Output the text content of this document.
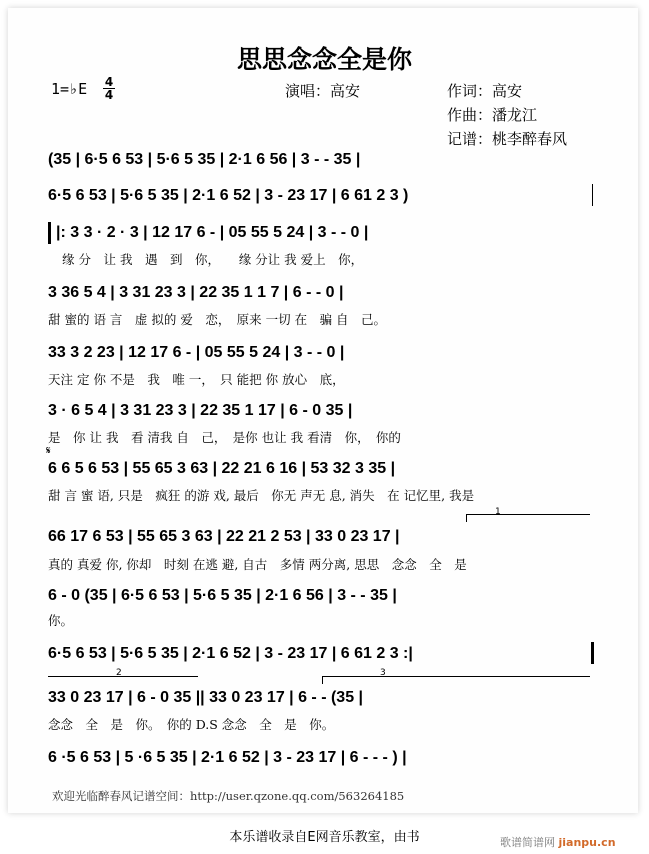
思思念念全是你
1=♭E 4
4	演唱：高安	作词：高安
作曲：潘龙江
记谱：桃李醉春风
(35 | 6·5 6 53 | 5·6 5 35 | 2·1 6 56 | 3 - - 35 |
6·5 6 53 | 5·6 5 35 | 2·1 6 52 | 3 - 23 17 | 6 61 2 3 )
|: 3 3 · 2 · 3 | 12 17 6 - | 05 55 5 24 | 3 - - 0 |
缘 分　让 我　遇　到　你，　　缘 分让 我 爱上　你，
3 36 5 4 | 3 31 23 3 | 22 35 1 1 7 | 6 - - 0 |
甜 蜜的 语 言　虚 拟的 爱　恋，　原来 一切 在　骗 自　己。
33 3 2 23 | 12 17 6 - | 05 55 5 24 | 3 - - 0 |
天注 定 你 不是　我　唯 一，　只 能把 你 放心　底，
3 · 6 5 4 | 3 31 23 3 | 22 35 1 17 | 6 - 0 35 |
是　你 让 我　看 清我 自　己，　是你 也让 我 看清　你，　你的
𝄋
6 6 5 6 53 | 55 65 3 63 | 22 21 6 16 | 53 32 3 35 |
甜 言 蜜 语, 只是　疯狂 的游 戏, 最后　你无 声无 息, 消失　在 记忆里, 我是
1
66 17 6 53 | 55 65 3 63 | 22 21 2 53 | 33 0 23 17 |
真的 真爱 你, 你却　时刻 在逃 避, 自古　多情 两分离, 思思　念念　全　是
6 - 0 (35 | 6·5 6 53 | 5·6 5 35 | 2·1 6 56 | 3 - - 35 |
你。
6·5 6 53 | 5·6 5 35 | 2·1 6 52 | 3 - 23 17 | 6 61 2 3 :|
2	3
33 0 23 17 | 6 - 0 35 || 33 0 23 17 | 6 - - (35 |
念念　全　是　你。　你的 D.S 念念　全　是　你。
6 ·5 6 53 | 5 ·6 5 35 | 2·1 6 52 | 3 - 23 17 | 6 - - - ) |
欢迎光临醉春风记谱空间：http://user.qzone.qq.com/563264185
本乐谱收录自E网音乐教室，由书	歌谱简谱网 jianpu.cn
